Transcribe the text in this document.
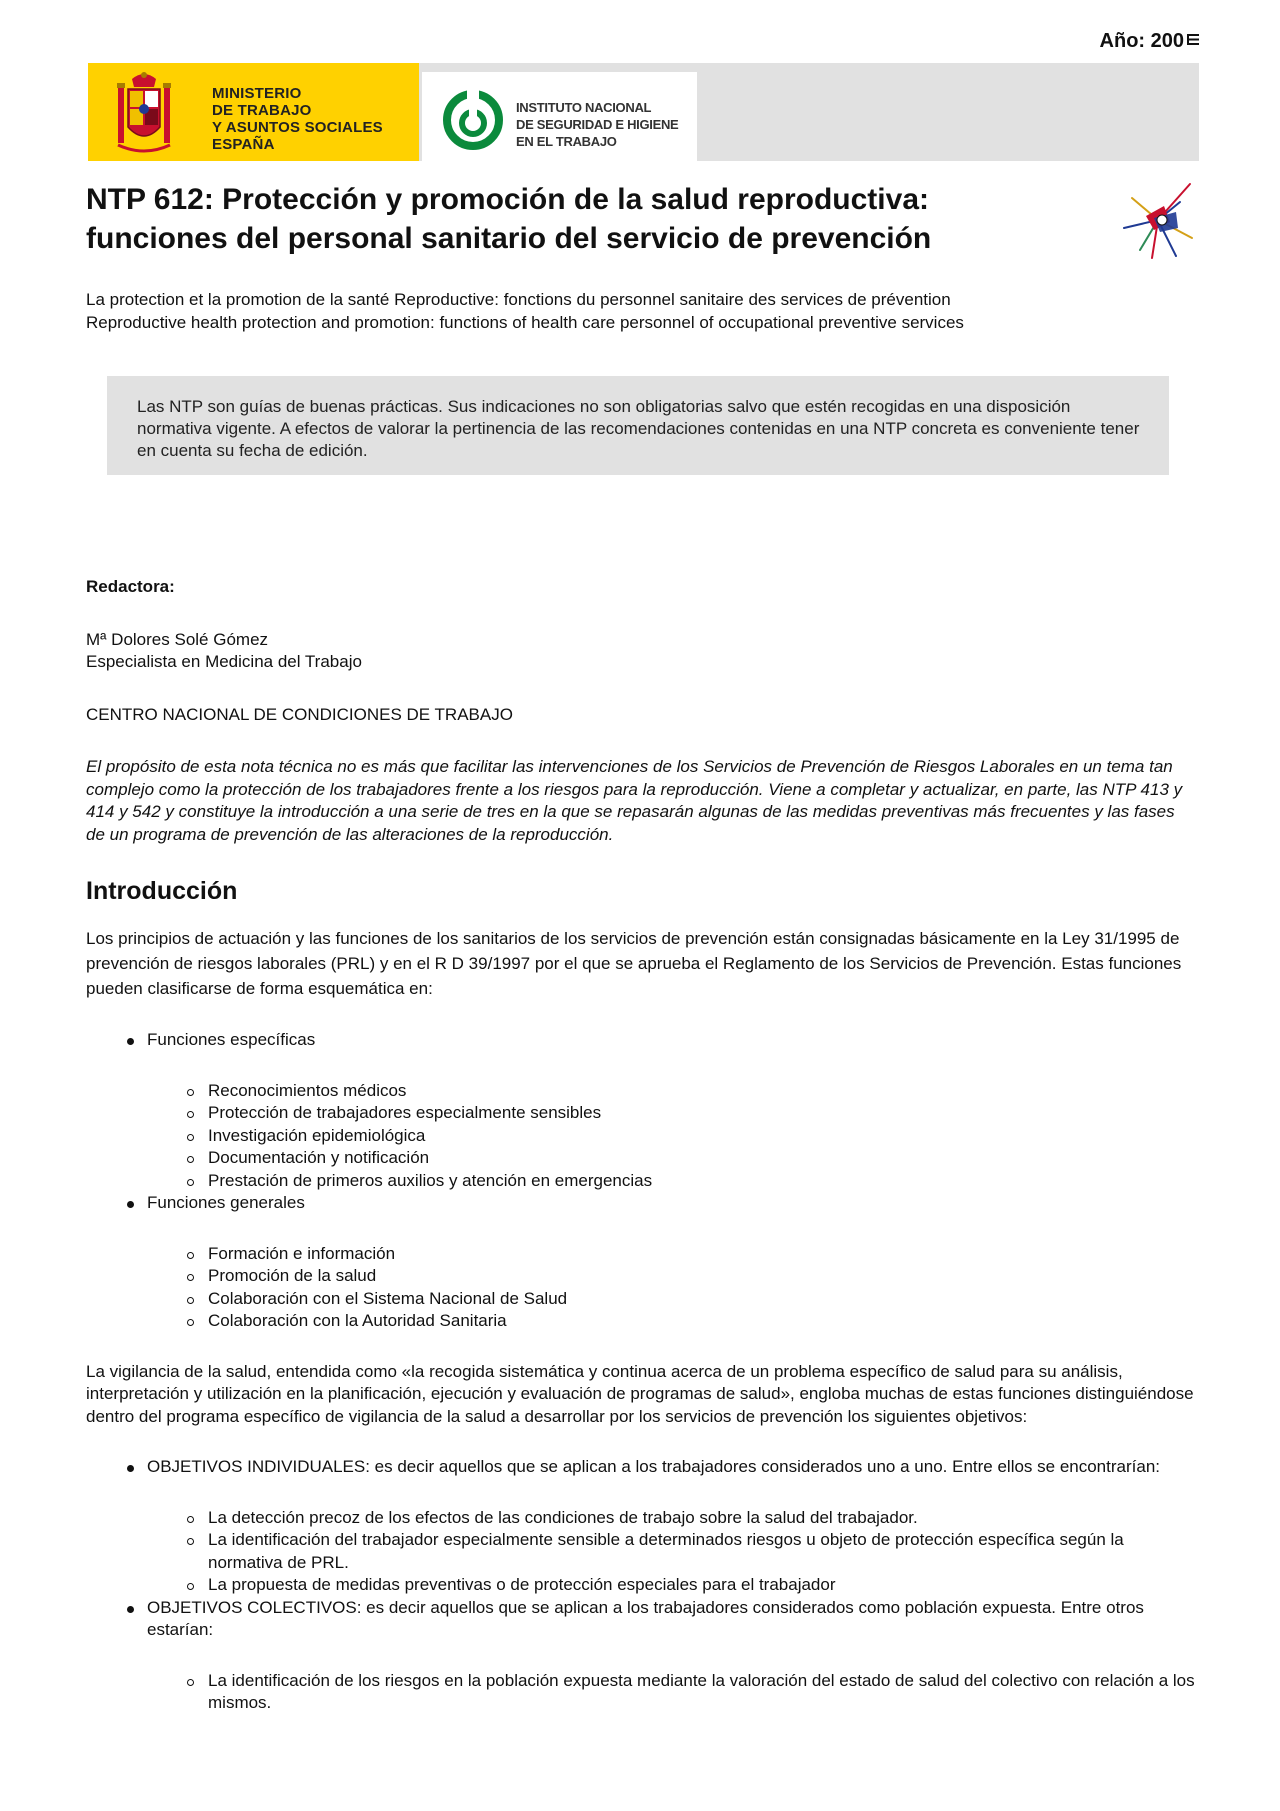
Año: 200
MINISTERIO
DE TRABAJO
Y ASUNTOS SOCIALES
ESPAÑA
INSTITUTO NACIONAL
DE SEGURIDAD E HIGIENE
EN EL TRABAJO
NTP 612: Protección y promoción de la salud reproductiva:
funciones del personal sanitario del servicio de prevención
La protection et la promotion de la santé Reproductive: fonctions du personnel sanitaire des services de prévention
Reproductive health protection and promotion: functions of health care personnel of occupational preventive services

Las NTP son guías de buenas prácticas. Sus indicaciones no son obligatorias salvo que estén recogidas en una disposición normativa vigente. A efectos de valorar la pertinencia de las recomendaciones contenidas en una NTP concreta es conveniente tener en cuenta su fecha de edición.

Redactora:

Mª Dolores Solé Gómez

Especialista en Medicina del Trabajo

CENTRO NACIONAL DE CONDICIONES DE TRABAJO

El propósito de esta nota técnica no es más que facilitar las intervenciones de los Servicios de Prevención de Riesgos Laborales en un tema tan complejo como la protección de los trabajadores frente a los riesgos para la reproducción. Viene a completar y actualizar, en parte, las NTP 413 y 414 y 542 y constituye la introducción a una serie de tres en la que se repasarán algunas de las medidas preventivas más frecuentes y las fases de un programa de prevención de las alteraciones de la reproducción.

Introducción

Los principios de actuación y las funciones de los sanitarios de los servicios de prevención están consignadas básicamente en la Ley 31/1995 de prevención de riesgos laborales (PRL) y en el R D 39/1997 por el que se aprueba el Reglamento de los Servicios de Prevención. Estas funciones pueden clasificarse de forma esquemática en:

Funciones específicas
Reconocimientos médicos
Protección de trabajadores especialmente sensibles
Investigación epidemiológica
Documentación y notificación
Prestación de primeros auxilios y atención en emergencias
Funciones generales
Formación e información
Promoción de la salud
Colaboración con el Sistema Nacional de Salud
Colaboración con la Autoridad Sanitaria

La vigilancia de la salud, entendida como «la recogida sistemática y continua acerca de un problema específico de salud para su análisis, interpretación y utilización en la planificación, ejecución y evaluación de programas de salud», engloba muchas de estas funciones distinguiéndose dentro del programa específico de vigilancia de la salud a desarrollar por los servicios de prevención los siguientes objetivos:

OBJETIVOS INDIVIDUALES: es decir aquellos que se aplican a los trabajadores considerados uno a uno. Entre ellos se encontrarían:
La detección precoz de los efectos de las condiciones de trabajo sobre la salud del trabajador.
La identificación del trabajador especialmente sensible a determinados riesgos u objeto de protección específica según la normativa de PRL.
La propuesta de medidas preventivas o de protección especiales para el trabajador
OBJETIVOS COLECTIVOS: es decir aquellos que se aplican a los trabajadores considerados como población expuesta. Entre otros estarían:
La identificación de los riesgos en la población expuesta mediante la valoración del estado de salud del colectivo con relación a los mismos.
